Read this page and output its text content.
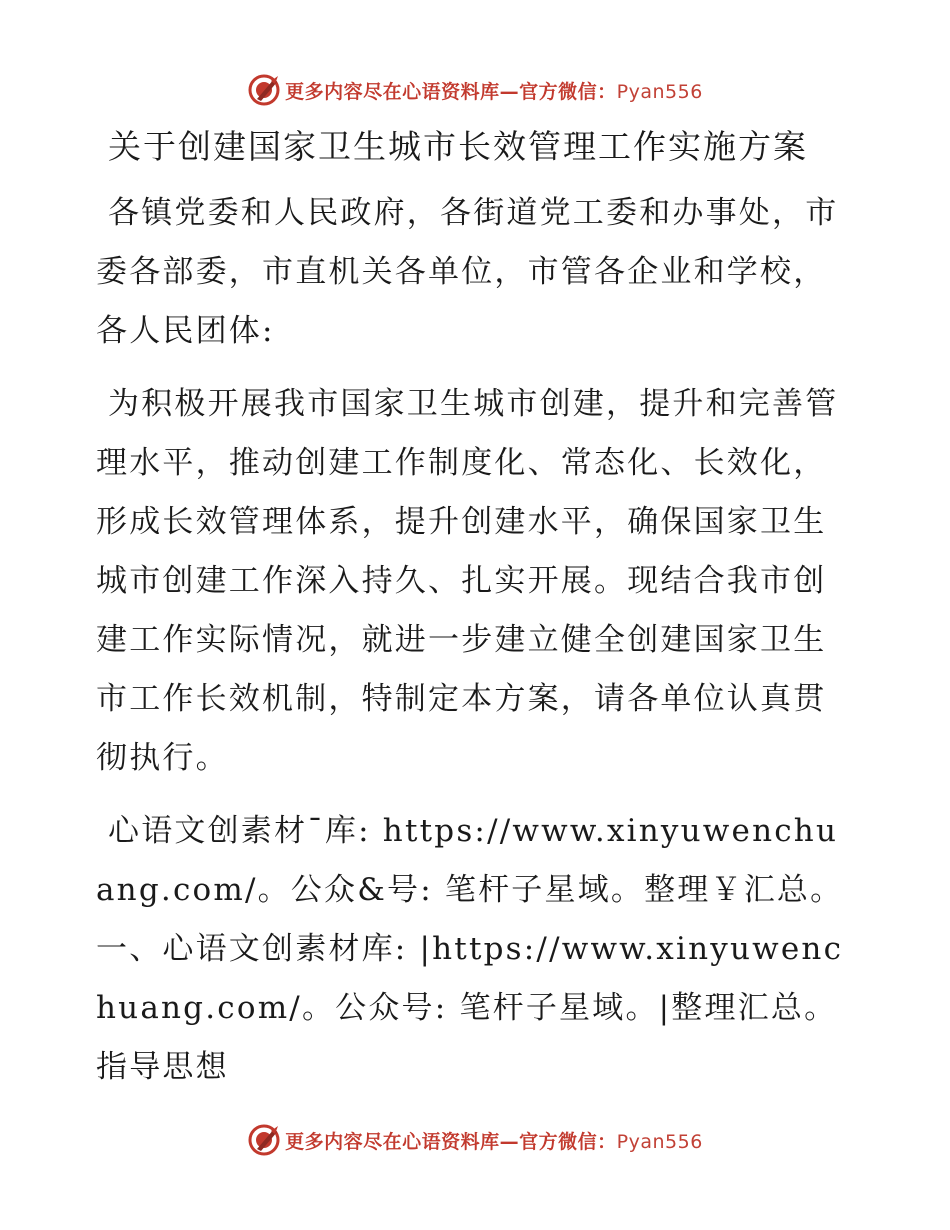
更多内容尽在心语资料库—官方微信：Pyan556
关于创建国家卫生城市长效管理工作实施方案
各镇党委和人民政府，各街道党工委和办事处，市委各部委，市直机关各单位，市管各企业和学校，各人民团体:
为积极开展我市国家卫生城市创建，提升和完善管理水平，推动创建工作制度化、常态化、长效化，形成长效管理体系，提升创建水平，确保国家卫生城市创建工作深入持久、扎实开展。现结合我市创建工作实际情况，就进一步建立健全创建国家卫生市工作长效机制，特制定本方案，请各单位认真贯彻执行。
心语文创素材¯库: https://www.xinyuwenchuang.com/。公众&号: 笔杆子星域。整理￥汇总。一、心语文创素材库: |https://www.xinyuwenchuang.com/。公众号: 笔杆子星域。|整理汇总。指导思想
更多内容尽在心语资料库—官方微信：Pyan556
